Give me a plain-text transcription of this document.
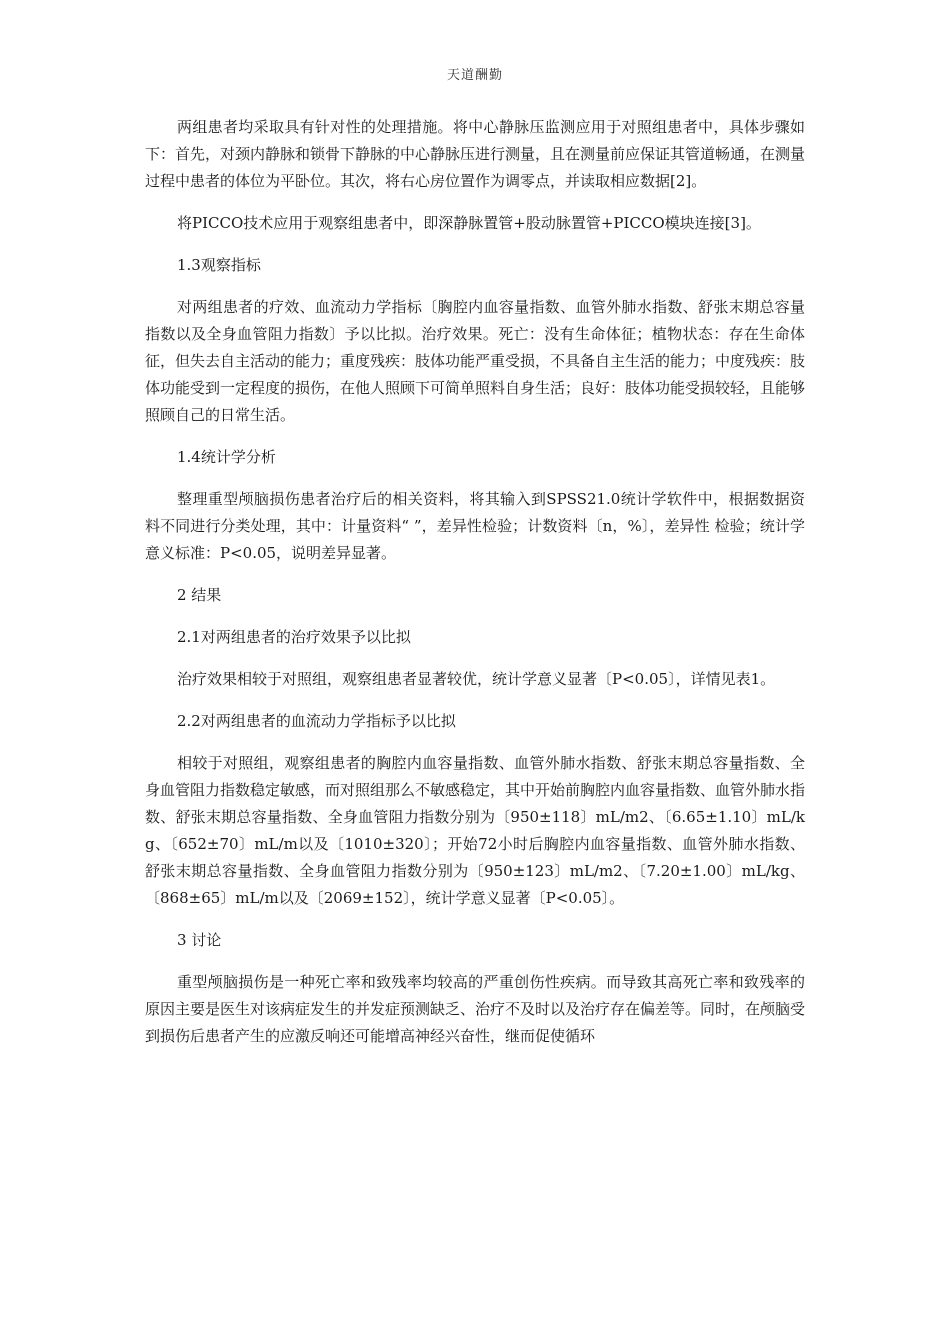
天道酬勤

两组患者均采取具有针对性的处理措施。将中心静脉压监测应用于对照组患者中，具体步骤如下：首先，对颈内静脉和锁骨下静脉的中心静脉压进行测量，且在测量前应保证其管道畅通，在测量过程中患者的体位为平卧位。其次，将右心房位置作为调零点，并读取相应数据[2]。

将PICCO技术应用于观察组患者中，即深静脉置管+股动脉置管+PICCO模块连接[3]。

1.3观察指标

对两组患者的疗效、血流动力学指标〔胸腔内血容量指数、血管外肺水指数、舒张末期总容量指数以及全身血管阻力指数〕予以比拟。治疗效果。死亡：没有生命体征；植物状态：存在生命体征，但失去自主活动的能力；重度残疾：肢体功能严重受损，不具备自主生活的能力；中度残疾：肢体功能受到一定程度的损伤，在他人照顾下可简单照料自身生活；良好：肢体功能受损较轻，且能够照顾自己的日常生活。

1.4统计学分析

整理重型颅脑损伤患者治疗后的相关资料，将其输入到SPSS21.0统计学软件中，根据数据资料不同进行分类处理，其中：计量资料“ ”，差异性检验；计数资料〔n，%〕，差异性 检验；统计学意义标准：P<0.05，说明差异显著。

2 结果

2.1对两组患者的治疗效果予以比拟

治疗效果相较于对照组，观察组患者显著较优，统计学意义显著〔P<0.05〕，详情见表1。

2.2对两组患者的血流动力学指标予以比拟

相较于对照组，观察组患者的胸腔内血容量指数、血管外肺水指数、舒张末期总容量指数、全身血管阻力指数稳定敏感，而对照组那么不敏感稳定，其中开始前胸腔内血容量指数、血管外肺水指数、舒张末期总容量指数、全身血管阻力指数分别为〔950±118〕mL/m2、〔6.65±1.10〕mL/kg、〔652±70〕mL/m以及〔1010±320〕；开始72小时后胸腔内血容量指数、血管外肺水指数、舒张末期总容量指数、全身血管阻力指数分别为〔950±123〕mL/m2、〔7.20±1.00〕mL/kg、〔868±65〕mL/m以及〔2069±152〕，统计学意义显著〔P<0.05〕。

3 讨论

重型颅脑损伤是一种死亡率和致残率均较高的严重创伤性疾病。而导致其高死亡率和致残率的原因主要是医生对该病症发生的并发症预测缺乏、治疗不及时以及治疗存在偏差等。同时，在颅脑受到损伤后患者产生的应激反响还可能增高神经兴奋性，继而促使循环
